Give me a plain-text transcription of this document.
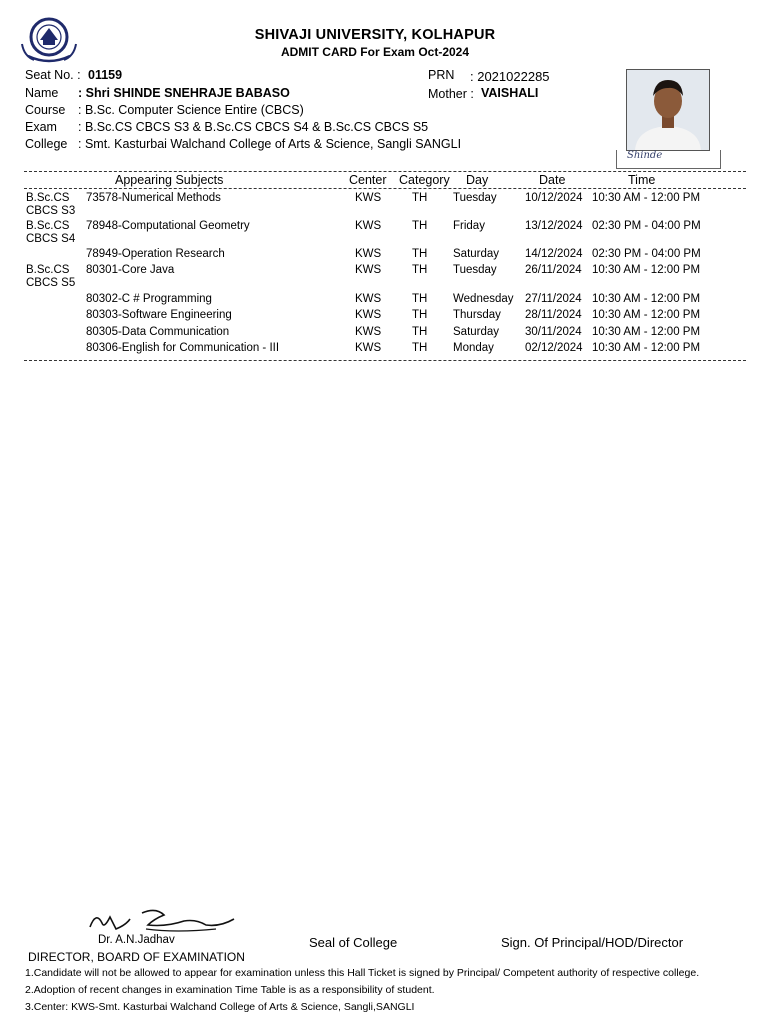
SHIVAJI UNIVERSITY, KOLHAPUR
ADMIT CARD For Exam Oct-2024
Seat No. : 01159	PRN : 2021022285
Name : Shri SHINDE SNEHRAJE BABASO	Mother : VAISHALI
Course : B.Sc. Computer Science Entire (CBCS)
Exam : B.Sc.CS CBCS S3 & B.Sc.CS CBCS S4 & B.Sc.CS CBCS S5
College : Smt. Kasturbai Walchand College of Arts & Science, Sangli SANGLI
Shinde
Appearing Subjects	Center Category Day	Date	Time
B.Sc.CS
CBCS S3
73578-Numerical Methods	KWS	TH Tuesday 10/12/2024 10:30 AM - 12:00 PM
B.Sc.CS
CBCS S4
78948-Computational Geometry	KWS	TH Friday	13/12/2024 02:30 PM - 04:00 PM
78949-Operation Research	KWS	TH Saturday 14/12/2024 02:30 PM - 04:00 PM
B.Sc.CS
CBCS S5
80301-Core Java	KWS	TH Tuesday 26/11/2024 10:30 AM - 12:00 PM
80302-C # Programming	KWS	TH Wednesday 27/11/2024 10:30 AM - 12:00 PM
80303-Software Engineering	KWS	TH Thursday 28/11/2024 10:30 AM - 12:00 PM
80305-Data Communication	KWS	TH Saturday 30/11/2024 10:30 AM - 12:00 PM
80306-English for Communication - III	KWS	TH Monday	02/12/2024 10:30 AM - 12:00 PM
Dr. A.N.Jadhav
DIRECTOR, BOARD OF EXAMINATION
Seal of College	Sign. Of Principal/HOD/Director
1.Candidate will not be allowed to appear for examination unless this Hall Ticket is signed by Principal/ Competent authority of respective college.
2.Adoption of recent changes in examination Time Table is as a responsibility of student.
3.Center: KWS-Smt. Kasturbai Walchand College of Arts & Science, Sangli,SANGLI
